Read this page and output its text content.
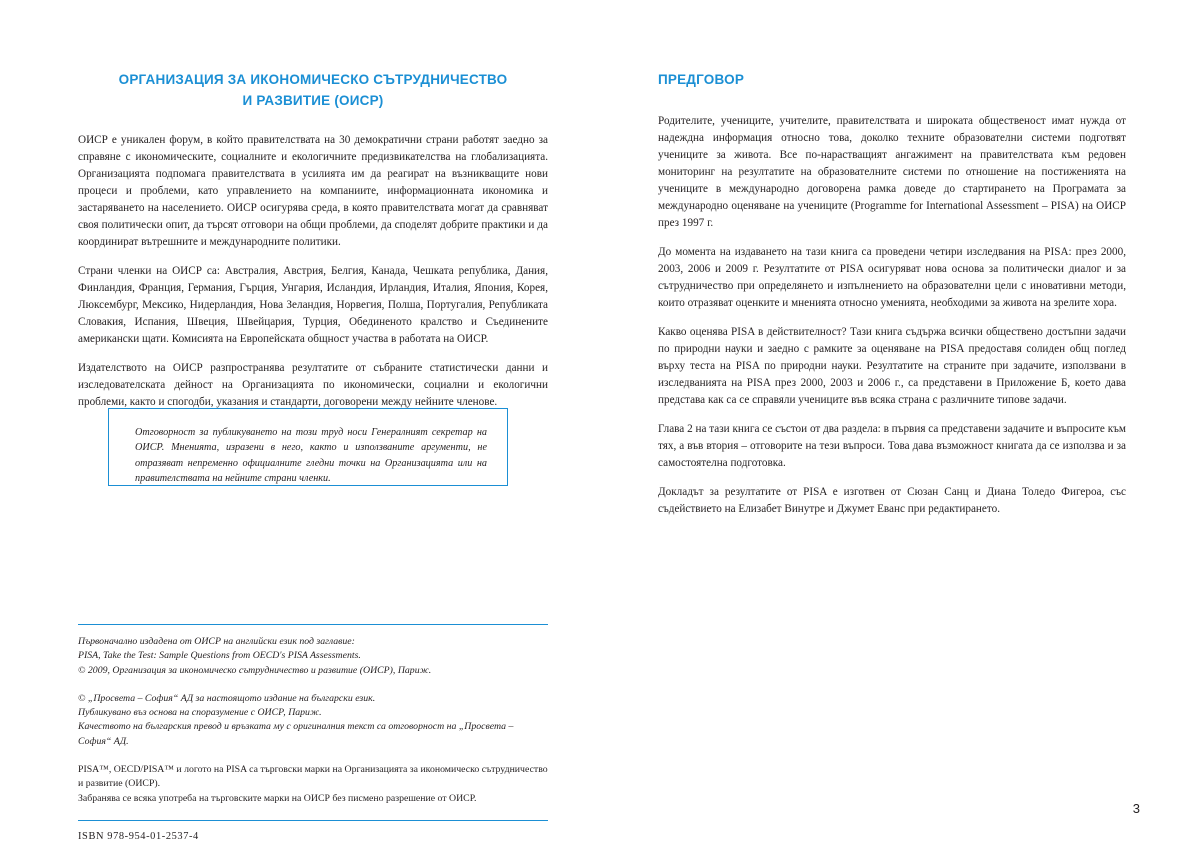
ОРГАНИЗАЦИЯ ЗА ИКОНОМИЧЕСКО СЪТРУДНИЧЕСТВО
И РАЗВИТИЕ (ОИСР)

ОИСР е уникален форум, в който правителствата на 30 демократични страни работят заедно за справяне с икономическите, социалните и екологичните предизвикателства на глобализацията. Организацията подпомага правителствата в усилията им да реагират на възникващите нови процеси и проблеми, като управлението на компаниите, информационната икономика и застаряването на населението. ОИСР осигурява среда, в която правителствата могат да сравняват своя политически опит, да търсят отговори на общи проблеми, да споделят добрите практики и да координират вътрешните и международните политики.

Страни членки на ОИСР са: Австралия, Австрия, Белгия, Канада, Чешката република, Дания, Финландия, Франция, Германия, Гърция, Унгария, Исландия, Ирландия, Италия, Япония, Корея, Люксембург, Мексико, Нидерландия, Нова Зеландия, Норвегия, Полша, Португалия, Републиката Словакия, Испания, Швеция, Швейцария, Турция, Обединеното кралство и Съединените американски щати. Комисията на Европейската общност участва в работата на ОИСР.

Издателството на ОИСР разпространява резултатите от събраните статистически данни и изследователската дейност на Организацията по икономически, социални и екологични проблеми, както и спогодби, указания и стандарти, договорени между нейните членове.

Отговорност за публикуването на този труд носи Генералният секретар на ОИСР. Мненията, изразени в него, както и използваните аргументи, не отразяват непременно официалните гледни точки на Организацията или на правителствата на нейните страни членки.
ПРЕДГОВОР

Родителите, учениците, учителите, правителствата и широката общественост имат нужда от надеждна информация относно това, доколко техните образователни системи подготвят учениците за живота. Все по-нарастващият ангажимент на правителствата към редовен мониторинг на резултатите на образователните системи по отношение на постиженията на учениците в международно договорена рамка доведе до стартирането на Програмата за международно оценяване на учениците (Programme for International Assessment – PISA) на ОИСР през 1997 г.

До момента на издаването на тази книга са проведени четири изследвания на PISA: през 2000, 2003, 2006 и 2009 г. Резултатите от PISA осигуряват нова основа за политически диалог и за сътрудничество при определянето и изпълнението на образователни цели с иновативни методи, които отразяват оценките и мненията относно уменията, необходими за живота на зрелите хора.

Какво оценява PISA в действителност? Тази книга съдържа всички обществено достъпни задачи по природни науки и заедно с рамките за оценяване на PISA предоставя солиден общ поглед върху теста на PISA по природни науки. Резултатите на страните при задачите, използвани в изследванията на PISA през 2000, 2003 и 2006 г., са представени в Приложение Б, което дава представа как са се справяли учениците във всяка страна с различните типове задачи.

Глава 2 на тази книга се състои от два раздела: в първия са представени задачите и въпросите към тях, а във втория – отговорите на тези въпроси. Това дава възможност книгата да се използва и за самостоятелна подготовка.

Докладът за резултатите от PISA е изготвен от Сюзан Санц и Диана Толедо Фигероа, със съдействието на Елизабет Винутре и Джумет Еванс при редактирането.

Първоначално издадена от ОИСР на английски език под заглавие:
PISA, Take the Test: Sample Questions from OECD's PISA Assessments.
© 2009, Организация за икономическо сътрудничество и развитие (ОИСР), Париж.
© „Просвета – София“ АД за настоящото издание на български език.
Публикувано въз основа на споразумение с ОИСР, Париж.
Качеството на българския превод и връзката му с оригиналния текст са отговорност на „Просвета – София“ АД.
PISA™, OECD/PISA™ и логото на PISA са търговски марки на Организацията за икономическо сътрудничество и развитие (ОИСР).
Забранява се всяка употреба на търговските марки на ОИСР без писмено разрешение от ОИСР.
ISBN 978-954-01-2537-4
3
